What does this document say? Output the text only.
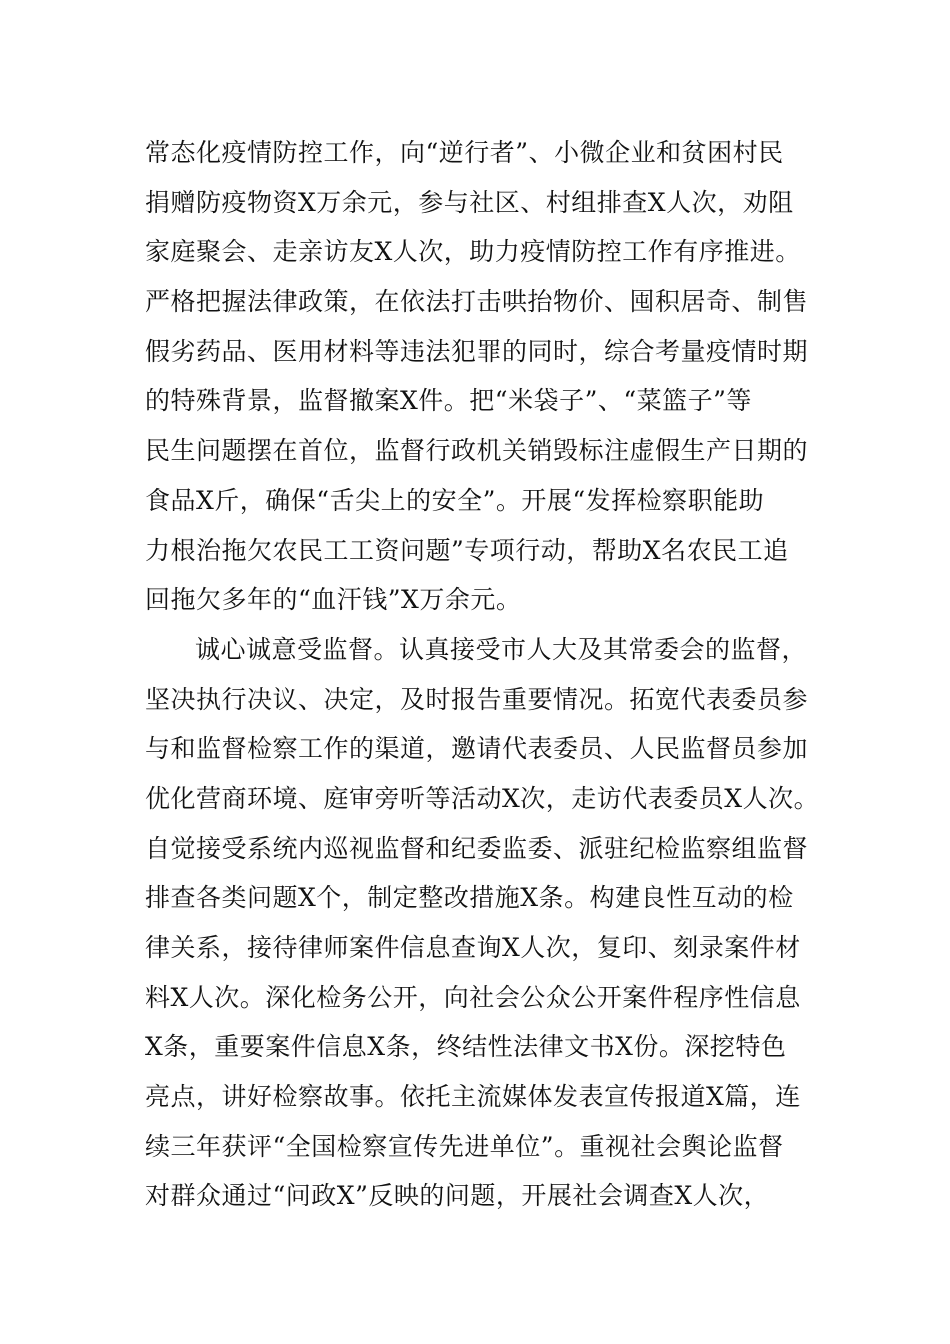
常态化疫情防控工作，向“逆行者”、小微企业和贫困村民
捐赠防疫物资X万余元，参与社区、村组排查X人次，劝阻
家庭聚会、走亲访友X人次，助力疫情防控工作有序推进。
严格把握法律政策，在依法打击哄抬物价、囤积居奇、制售
假劣药品、医用材料等违法犯罪的同时，综合考量疫情时期
的特殊背景，监督撤案X件。把“米袋子”、“菜篮子”等
民生问题摆在首位，监督行政机关销毁标注虚假生产日期的
食品X斤，确保“舌尖上的安全”。开展“发挥检察职能助
力根治拖欠农民工工资问题”专项行动，帮助X名农民工追
回拖欠多年的“血汗钱”X万余元。
诚心诚意受监督。认真接受市人大及其常委会的监督，
坚决执行决议、决定，及时报告重要情况。拓宽代表委员参
与和监督检察工作的渠道，邀请代表委员、人民监督员参加
优化营商环境、庭审旁听等活动X次，走访代表委员X人次。
自觉接受系统内巡视监督和纪委监委、派驻纪检监察组监督
排查各类问题X个，制定整改措施X条。构建良性互动的检
律关系，接待律师案件信息查询X人次，复印、刻录案件材
料X人次。深化检务公开，向社会公众公开案件程序性信息
X条，重要案件信息X条，终结性法律文书X份。深挖特色
亮点，讲好检察故事。依托主流媒体发表宣传报道X篇，连
续三年获评“全国检察宣传先进单位”。重视社会舆论监督
对群众通过“问政X”反映的问题，开展社会调查X人次，
